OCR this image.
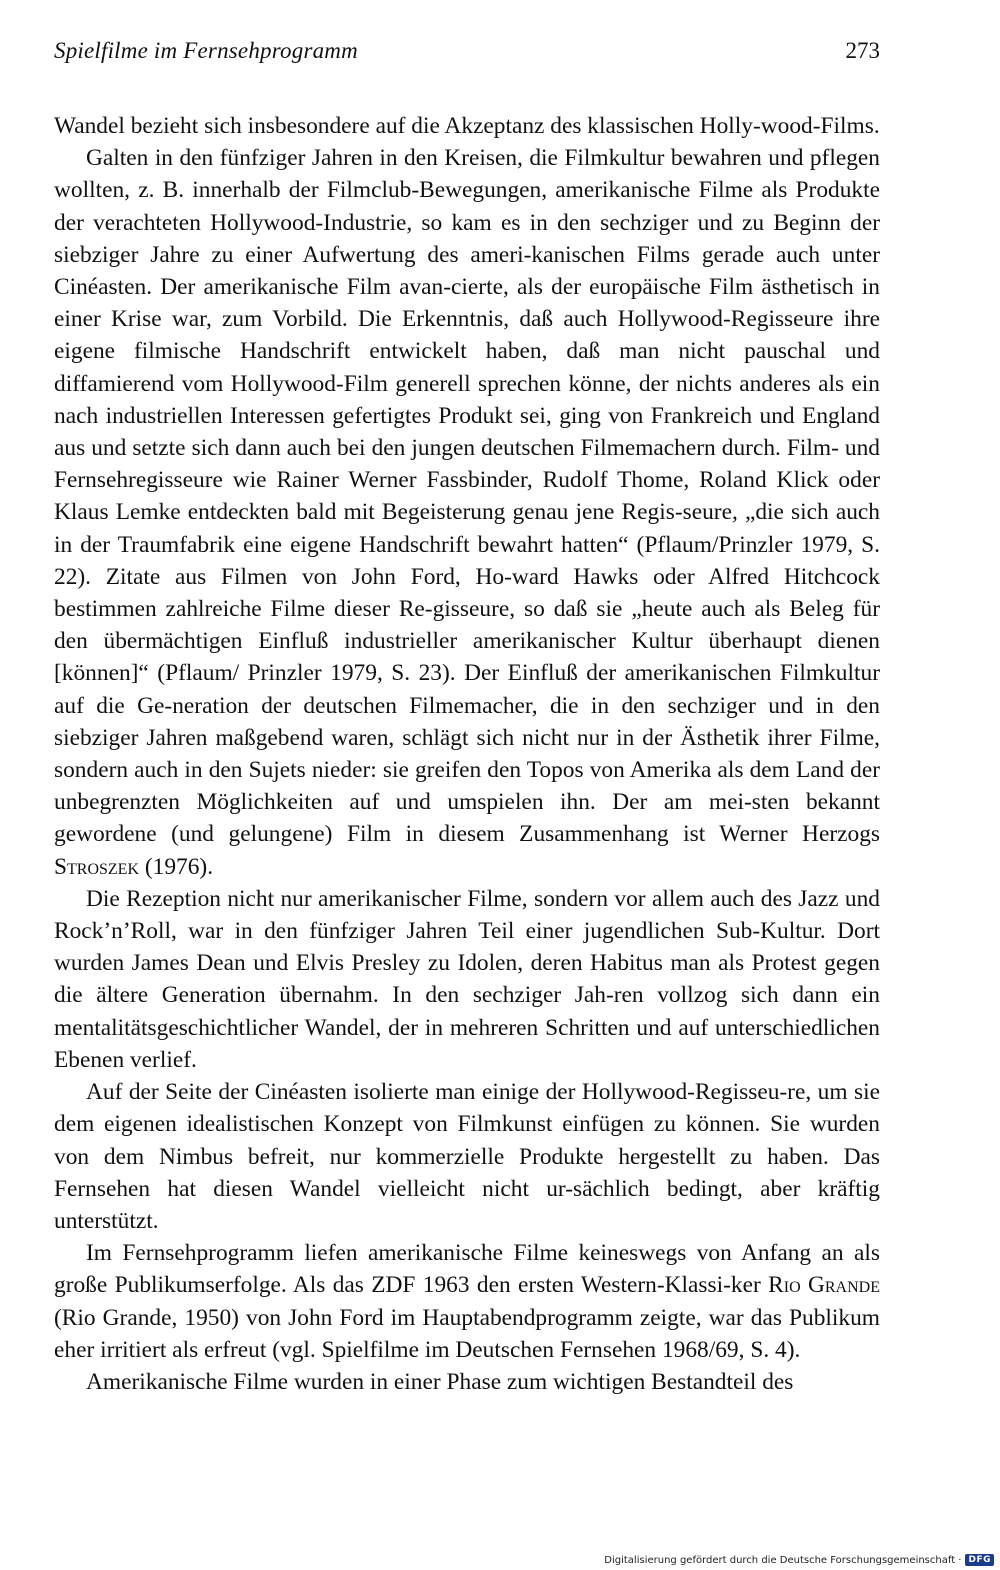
Spielfilme im Fernsehprogramm	273

Wandel bezieht sich insbesondere auf die Akzeptanz des klassischen Holly-wood-Films.

Galten in den fünfziger Jahren in den Kreisen, die Filmkultur bewahren und pflegen wollten, z. B. innerhalb der Filmclub-Bewegungen, amerikanische Filme als Produkte der verachteten Hollywood-Industrie, so kam es in den sechziger und zu Beginn der siebziger Jahre zu einer Aufwertung des ameri-kanischen Films gerade auch unter Cinéasten. Der amerikanische Film avan-cierte, als der europäische Film ästhetisch in einer Krise war, zum Vorbild. Die Erkenntnis, daß auch Hollywood-Regisseure ihre eigene filmische Handschrift entwickelt haben, daß man nicht pauschal und diffamierend vom Hollywood-Film generell sprechen könne, der nichts anderes als ein nach industriellen Interessen gefertigtes Produkt sei, ging von Frankreich und England aus und setzte sich dann auch bei den jungen deutschen Filmemachern durch. Film- und Fernsehregisseure wie Rainer Werner Fassbinder, Rudolf Thome, Roland Klick oder Klaus Lemke entdeckten bald mit Begeisterung genau jene Regis-seure, „die sich auch in der Traumfabrik eine eigene Handschrift bewahrt hatten“ (Pflaum/Prinzler 1979, S. 22). Zitate aus Filmen von John Ford, Ho-ward Hawks oder Alfred Hitchcock bestimmen zahlreiche Filme dieser Re-gisseure, so daß sie „heute auch als Beleg für den übermächtigen Einfluß industrieller amerikanischer Kultur überhaupt dienen [können]“ (Pflaum/ Prinzler 1979, S. 23). Der Einfluß der amerikanischen Filmkultur auf die Ge-neration der deutschen Filmemacher, die in den sechziger und in den siebziger Jahren maßgebend waren, schlägt sich nicht nur in der Ästhetik ihrer Filme, sondern auch in den Sujets nieder: sie greifen den Topos von Amerika als dem Land der unbegrenzten Möglichkeiten auf und umspielen ihn. Der am mei-sten bekannt gewordene (und gelungene) Film in diesem Zusammenhang ist Werner Herzogs Stroszek (1976).

Die Rezeption nicht nur amerikanischer Filme, sondern vor allem auch des Jazz und Rock’n’Roll, war in den fünfziger Jahren Teil einer jugendlichen Sub-Kultur. Dort wurden James Dean und Elvis Presley zu Idolen, deren Habitus man als Protest gegen die ältere Generation übernahm. In den sechziger Jah-ren vollzog sich dann ein mentalitätsgeschichtlicher Wandel, der in mehreren Schritten und auf unterschiedlichen Ebenen verlief.

Auf der Seite der Cinéasten isolierte man einige der Hollywood-Regisseu-re, um sie dem eigenen idealistischen Konzept von Filmkunst einfügen zu können. Sie wurden von dem Nimbus befreit, nur kommerzielle Produkte hergestellt zu haben. Das Fernsehen hat diesen Wandel vielleicht nicht ur-sächlich bedingt, aber kräftig unterstützt.

Im Fernsehprogramm liefen amerikanische Filme keineswegs von Anfang an als große Publikumserfolge. Als das ZDF 1963 den ersten Western-Klassi-ker Rio Grande (Rio Grande, 1950) von John Ford im Hauptabendprogramm zeigte, war das Publikum eher irritiert als erfreut (vgl. Spielfilme im Deutschen Fernsehen 1968/69, S. 4).

Amerikanische Filme wurden in einer Phase zum wichtigen Bestandteil des

Digitalisierung gefördert durch die Deutsche Forschungsgemeinschaft · DFG
